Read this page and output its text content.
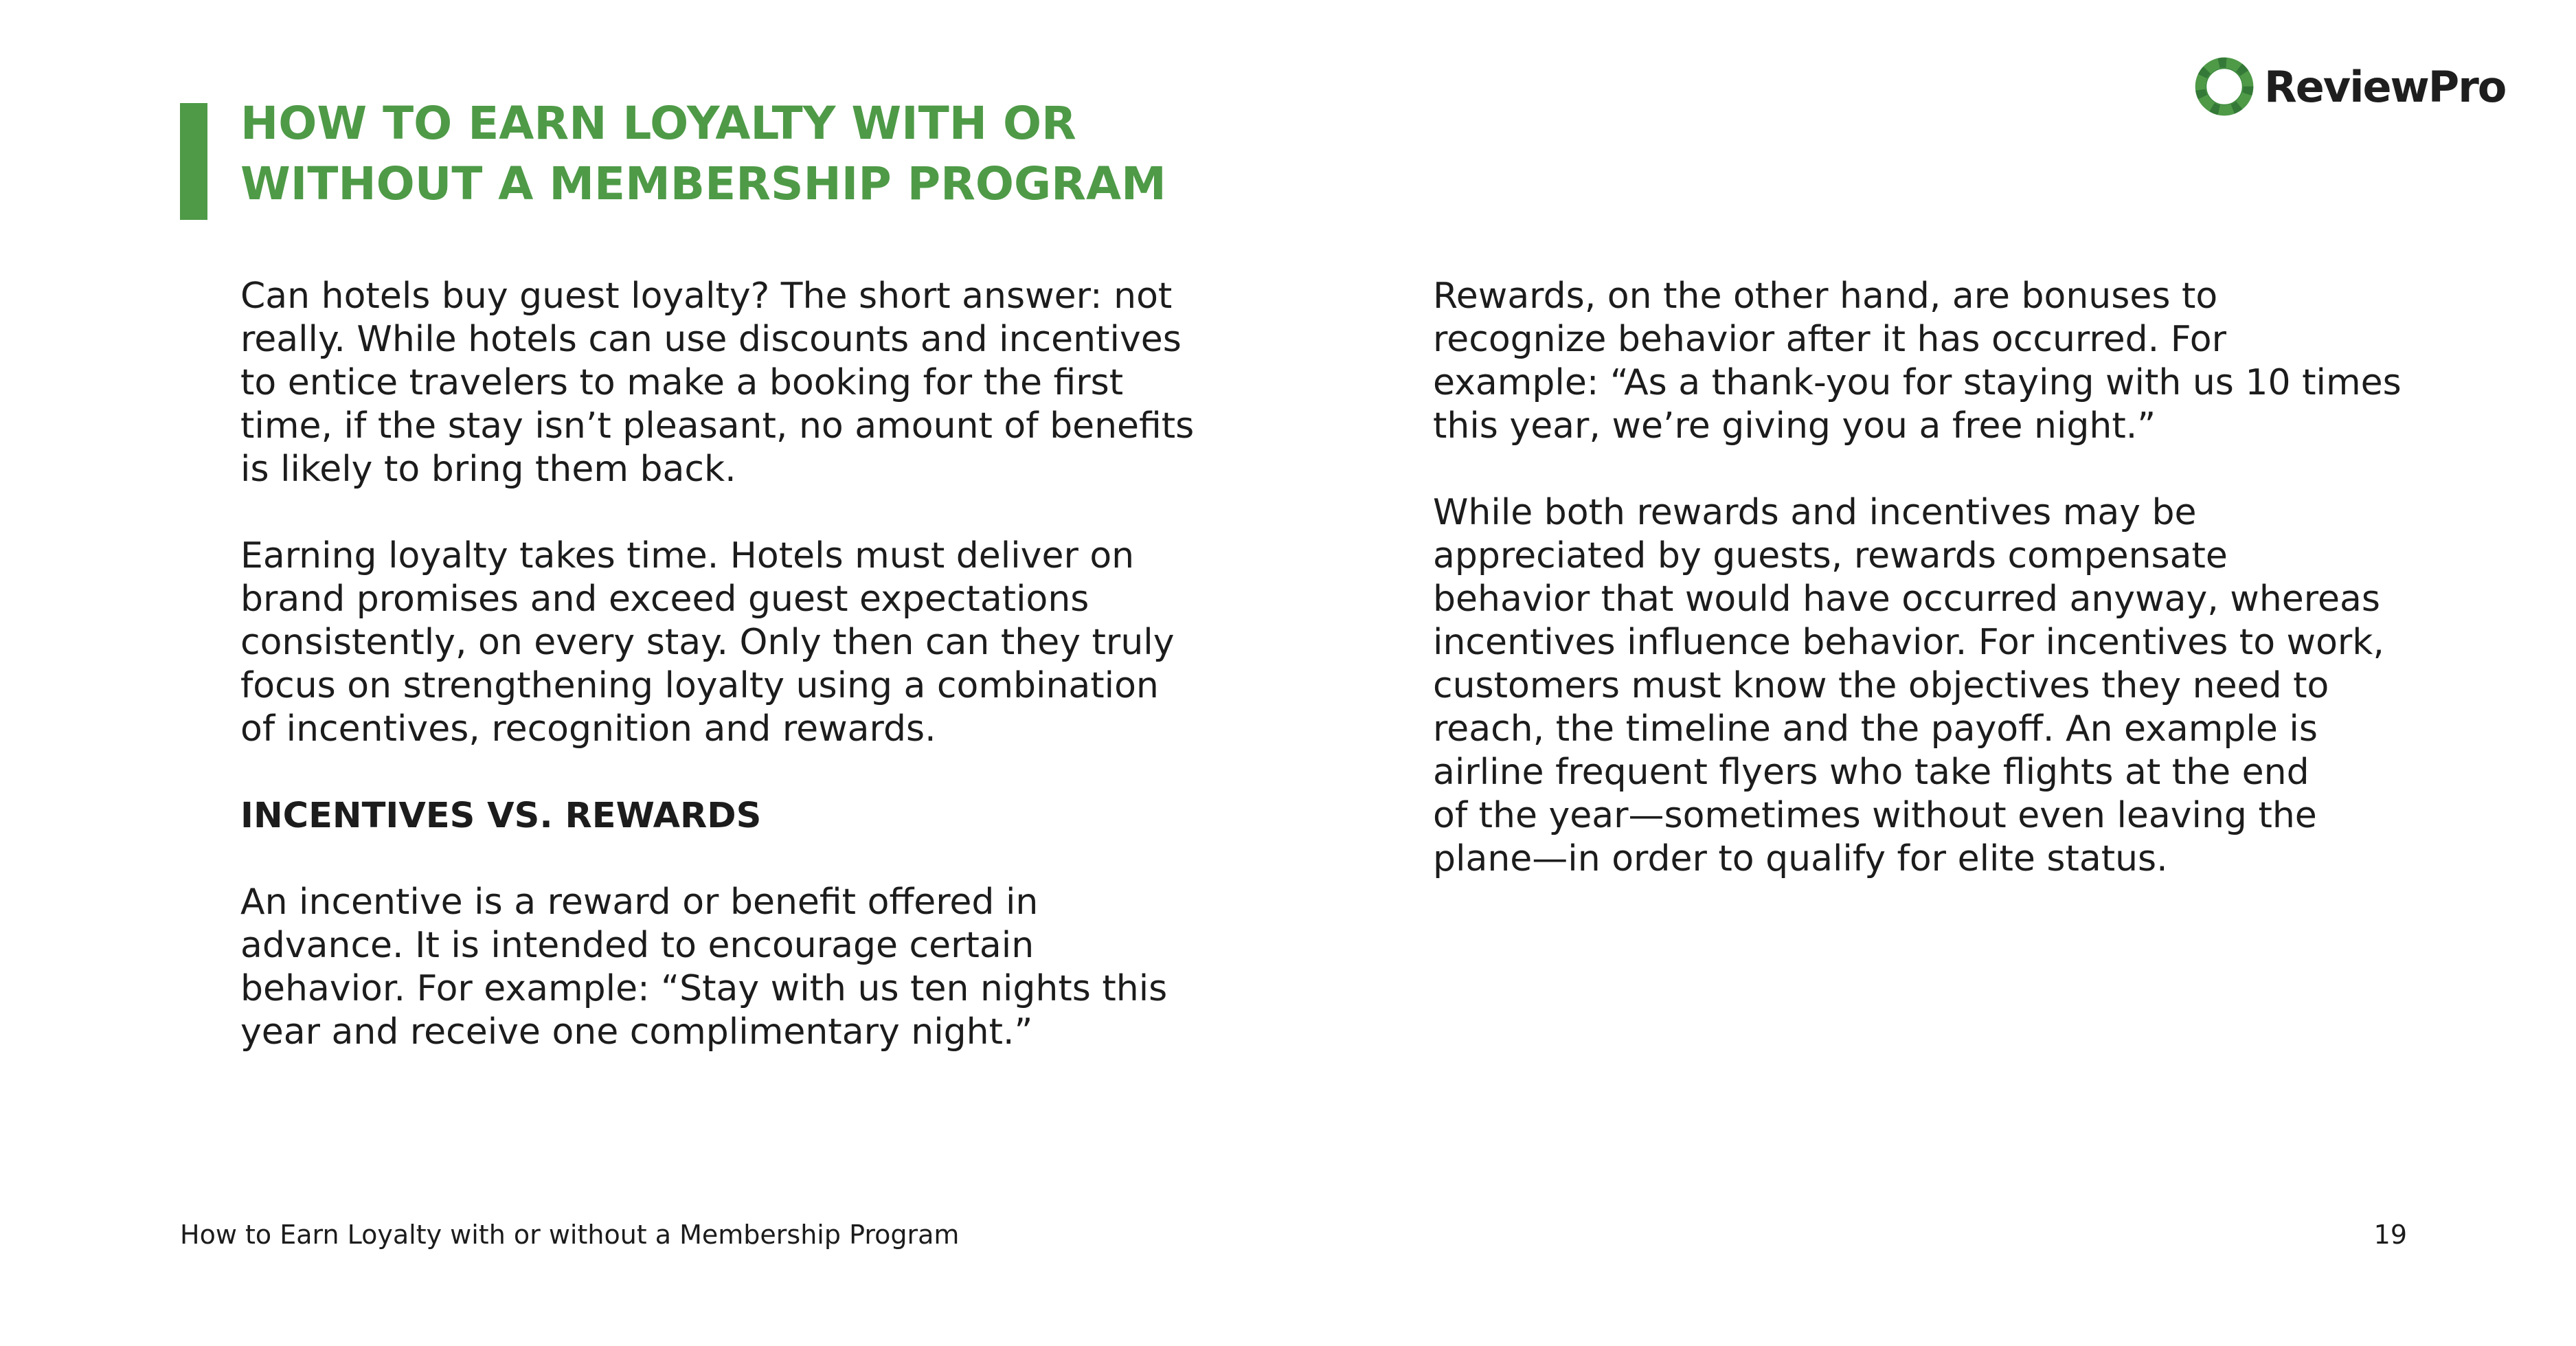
HOW TO EARN LOYALTY WITH OR
WITHOUT A MEMBERSHIP PROGRAM
ReviewPro

Can hotels buy guest loyalty? The short answer: not
really. While hotels can use discounts and incentives
to entice travelers to make a booking for the first
time, if the stay isn’t pleasant, no amount of benefits
is likely to bring them back.

Earning loyalty takes time. Hotels must deliver on
brand promises and exceed guest expectations
consistently, on every stay. Only then can they truly
focus on strengthening loyalty using a combination
of incentives, recognition and rewards.

INCENTIVES VS. REWARDS

An incentive is a reward or benefit offered in
advance. It is intended to encourage certain
behavior. For example: “Stay with us ten nights this
year and receive one complimentary night.”

Rewards, on the other hand, are bonuses to
recognize behavior after it has occurred. For
example: “As a thank-you for staying with us 10 times
this year, we’re giving you a free night.”

While both rewards and incentives may be
appreciated by guests, rewards compensate
behavior that would have occurred anyway, whereas
incentives influence behavior. For incentives to work,
customers must know the objectives they need to
reach, the timeline and the payoff. An example is
airline frequent flyers who take flights at the end
of the year—sometimes without even leaving the
plane—in order to qualify for elite status.

How to Earn Loyalty with or without a Membership Program	19
